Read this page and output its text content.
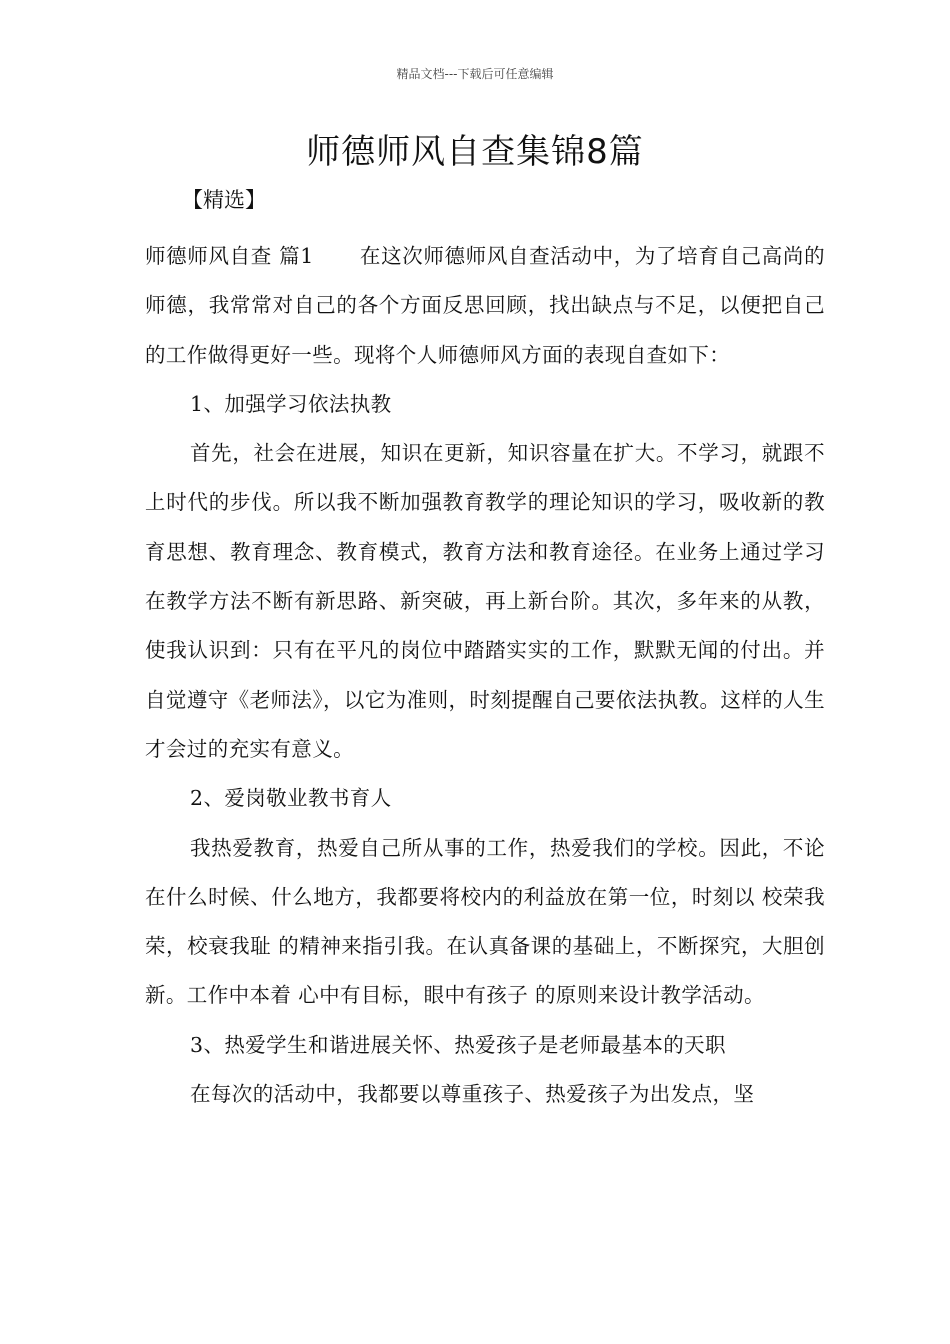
精品文档---下载后可任意编辑
师德师风自查集锦8篇

【精选】

师德师风自查 篇1 在这次师德师风自查活动中，为了培育自己高尚的师德，我常常对自己的各个方面反思回顾，找出缺点与不足，以便把自己的工作做得更好一些。现将个人师德师风方面的表现自查如下：

1、加强学习依法执教

首先，社会在进展，知识在更新，知识容量在扩大。不学习，就跟不上时代的步伐。所以我不断加强教育教学的理论知识的学习，吸收新的教育思想、教育理念、教育模式，教育方法和教育途径。在业务上通过学习在教学方法不断有新思路、新突破，再上新台阶。其次，多年来的从教，使我认识到：只有在平凡的岗位中踏踏实实的工作，默默无闻的付出。并自觉遵守《老师法》，以它为准则，时刻提醒自己要依法执教。这样的人生才会过的充实有意义。

2、爱岗敬业教书育人

我热爱教育，热爱自己所从事的工作，热爱我们的学校。因此，不论在什么时候、什么地方，我都要将校内的利益放在第一位，时刻以 校荣我荣，校衰我耻 的精神来指引我。在认真备课的基础上，不断探究，大胆创新。工作中本着 心中有目标，眼中有孩子 的原则来设计教学活动。

3、热爱学生和谐进展关怀、热爱孩子是老师最基本的天职

在每次的活动中，我都要以尊重孩子、热爱孩子为出发点，坚
